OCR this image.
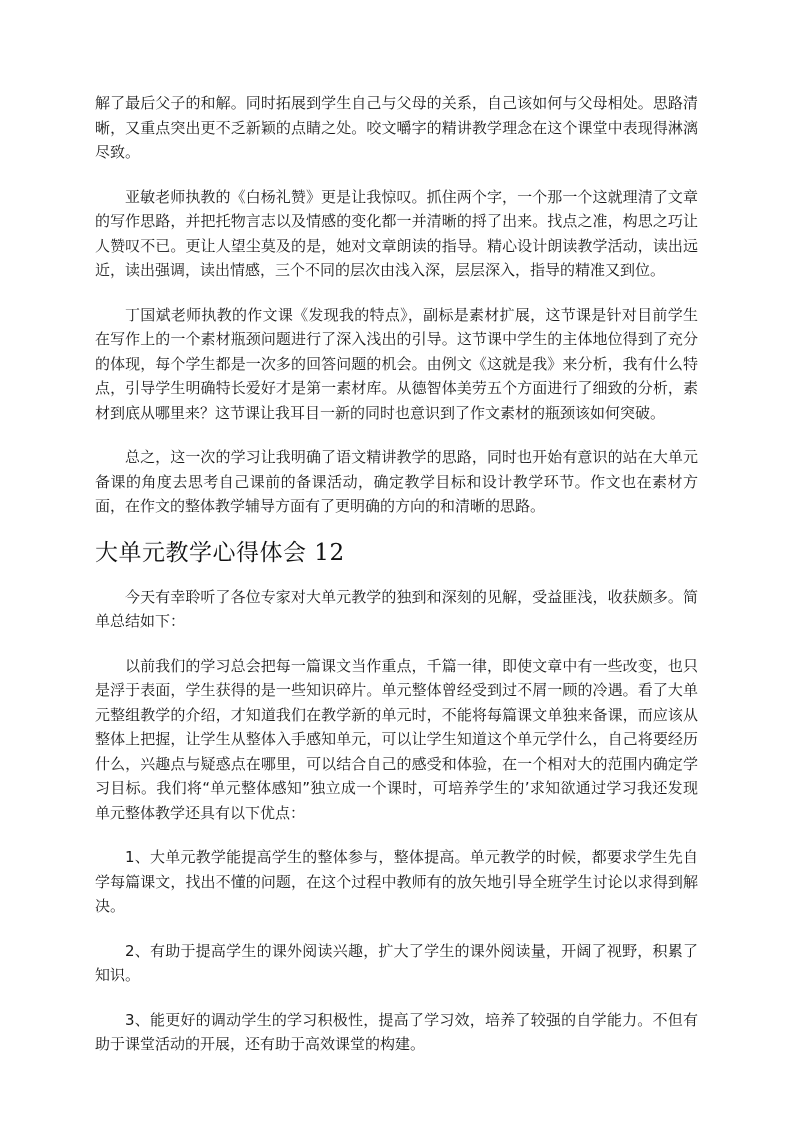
解了最后父子的和解。同时拓展到学生自己与父母的关系，自己该如何与父母相处。思路清晰，又重点突出更不乏新颖的点睛之处。咬文嚼字的精讲教学理念在这个课堂中表现得淋漓尽致。

亚敏老师执教的《白杨礼赞》更是让我惊叹。抓住两个字，一个那一个这就理清了文章的写作思路，并把托物言志以及情感的变化都一并清晰的捋了出来。找点之准，构思之巧让人赞叹不已。更让人望尘莫及的是，她对文章朗读的指导。精心设计朗读教学活动，读出远近，读出强调，读出情感，三个不同的层次由浅入深，层层深入，指导的精准又到位。

丁国斌老师执教的作文课《发现我的特点》，副标是素材扩展，这节课是针对目前学生在写作上的一个素材瓶颈问题进行了深入浅出的引导。这节课中学生的主体地位得到了充分的体现，每个学生都是一次多的回答问题的机会。由例文《这就是我》来分析，我有什么特点，引导学生明确特长爱好才是第一素材库。从德智体美劳五个方面进行了细致的分析，素材到底从哪里来？这节课让我耳目一新的同时也意识到了作文素材的瓶颈该如何突破。

总之，这一次的学习让我明确了语文精讲教学的思路，同时也开始有意识的站在大单元备课的角度去思考自己课前的备课活动，确定教学目标和设计教学环节。作文也在素材方面，在作文的整体教学辅导方面有了更明确的方向的和清晰的思路。

大单元教学心得体会 12

今天有幸聆听了各位专家对大单元教学的独到和深刻的见解，受益匪浅，收获颇多。简单总结如下：

以前我们的学习总会把每一篇课文当作重点，千篇一律，即使文章中有一些改变，也只是浮于表面，学生获得的是一些知识碎片。单元整体曾经受到过不屑一顾的冷遇。看了大单元整组教学的介绍，才知道我们在教学新的单元时，不能将每篇课文单独来备课，而应该从整体上把握，让学生从整体入手感知单元，可以让学生知道这个单元学什么，自己将要经历什么，兴趣点与疑惑点在哪里，可以结合自己的感受和体验，在一个相对大的范围内确定学习目标。我们将“单元整体感知”独立成一个课时，可培养学生的’求知欲通过学习我还发现单元整体教学还具有以下优点：

1、大单元教学能提高学生的整体参与，整体提高。单元教学的时候，都要求学生先自学每篇课文，找出不懂的问题，在这个过程中教师有的放矢地引导全班学生讨论以求得到解决。

2、有助于提高学生的课外阅读兴趣，扩大了学生的课外阅读量，开阔了视野，积累了知识。

3、能更好的调动学生的学习积极性，提高了学习效，培养了较强的自学能力。不但有助于课堂活动的开展，还有助于高效课堂的构建。
